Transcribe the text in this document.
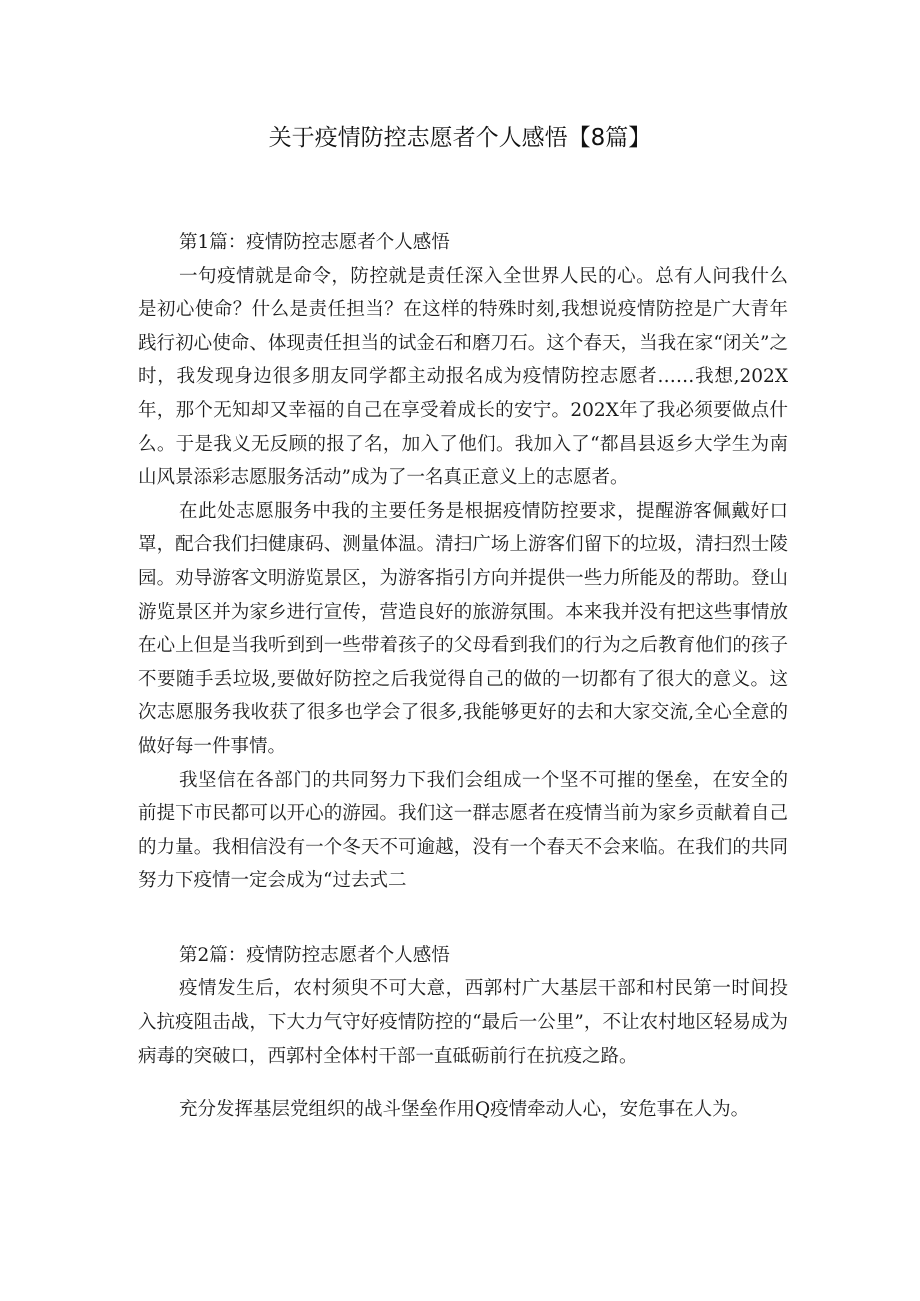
关于疫情防控志愿者个人感悟【8篇】
第1篇：疫情防控志愿者个人感悟

一句疫情就是命令，防控就是责任深入全世界人民的心。总有人问我什么是初心使命？什么是责任担当？在这样的特殊时刻,我想说疫情防控是广大青年践行初心使命、体现责任担当的试金石和磨刀石。这个春天，当我在家“闭关”之时，我发现身边很多朋友同学都主动报名成为疫情防控志愿者……我想,202X年，那个无知却又幸福的自己在享受着成长的安宁。202X年了我必须要做点什么。于是我义无反顾的报了名，加入了他们。我加入了“都昌县返乡大学生为南山风景添彩志愿服务活动”成为了一名真正意义上的志愿者。

在此处志愿服务中我的主要任务是根据疫情防控要求，提醒游客佩戴好口罩，配合我们扫健康码、测量体温。清扫广场上游客们留下的垃圾，清扫烈士陵园。劝导游客文明游览景区，为游客指引方向并提供一些力所能及的帮助。登山游览景区并为家乡进行宣传，营造良好的旅游氛围。本来我并没有把这些事情放在心上但是当我听到到一些带着孩子的父母看到我们的行为之后教育他们的孩子不要随手丢垃圾,要做好防控之后我觉得自己的做的一切都有了很大的意义。这次志愿服务我收获了很多也学会了很多,我能够更好的去和大家交流,全心全意的做好每一件事情。

我坚信在各部门的共同努力下我们会组成一个坚不可摧的堡垒，在安全的前提下市民都可以开心的游园。我们这一群志愿者在疫情当前为家乡贡献着自己的力量。我相信没有一个冬天不可逾越，没有一个春天不会来临。在我们的共同努力下疫情一定会成为“过去式二

第2篇：疫情防控志愿者个人感悟

疫情发生后，农村须臾不可大意，西郭村广大基层干部和村民第一时间投入抗疫阻击战，下大力气守好疫情防控的“最后一公里”，不让农村地区轻易成为病毒的突破口，西郭村全体村干部一直砥砺前行在抗疫之路。

充分发挥基层党组织的战斗堡垒作用Q疫情牵动人心，安危事在人为。
